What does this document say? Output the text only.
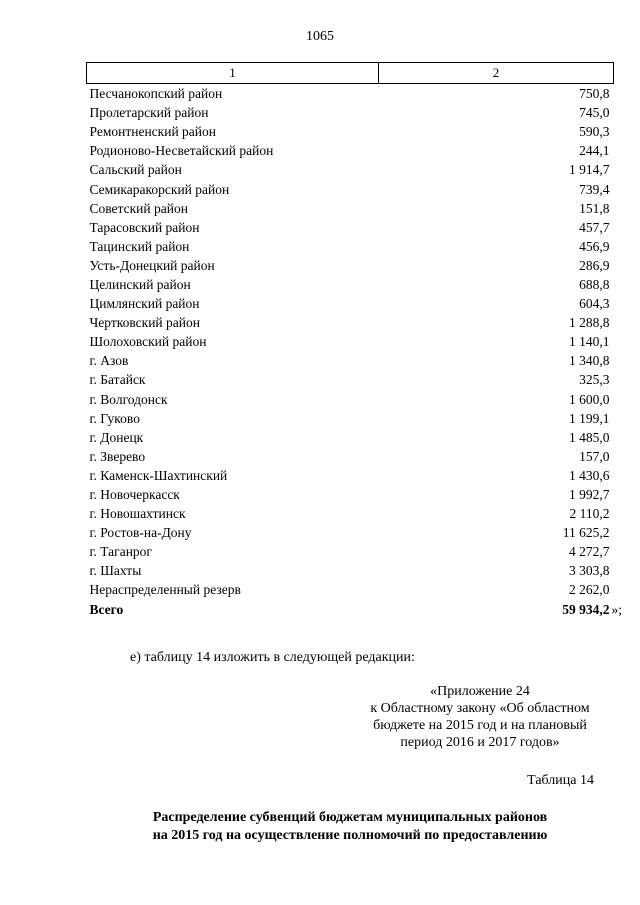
1065
1	2
Песчанокопский район	750,8
Пролетарский район	745,0
Ремонтненский район	590,3
Родионово-Несветайский район	244,1
Сальский район	1 914,7
Семикаракорский район	739,4
Советский район	151,8
Тарасовский район	457,7
Тацинский район	456,9
Усть-Донецкий район	286,9
Целинский район	688,8
Цимлянский район	604,3
Чертковский район	1 288,8
Шолоховский район	1 140,1
г. Азов	1 340,8
г. Батайск	325,3
г. Волгодонск	1 600,0
г. Гуково	1 199,1
г. Донецк	1 485,0
г. Зверево	157,0
г. Каменск-Шахтинский	1 430,6
г. Новочеркасск	1 992,7
г. Новошахтинск	2 110,2
г. Ростов-на-Дону	11 625,2
г. Таганрог	4 272,7
г. Шахты	3 303,8
Нераспределенный резерв	2 262,0
Всего	59 934,2 »;
е) таблицу 14 изложить в следующей редакции:
«Приложение 24
к Областному закону «Об областном
бюджете на 2015 год и на плановый
период 2016 и 2017 годов»
Таблица 14
Распределение субвенций бюджетам муниципальных районов
на 2015 год на осуществление полномочий по предоставлению
